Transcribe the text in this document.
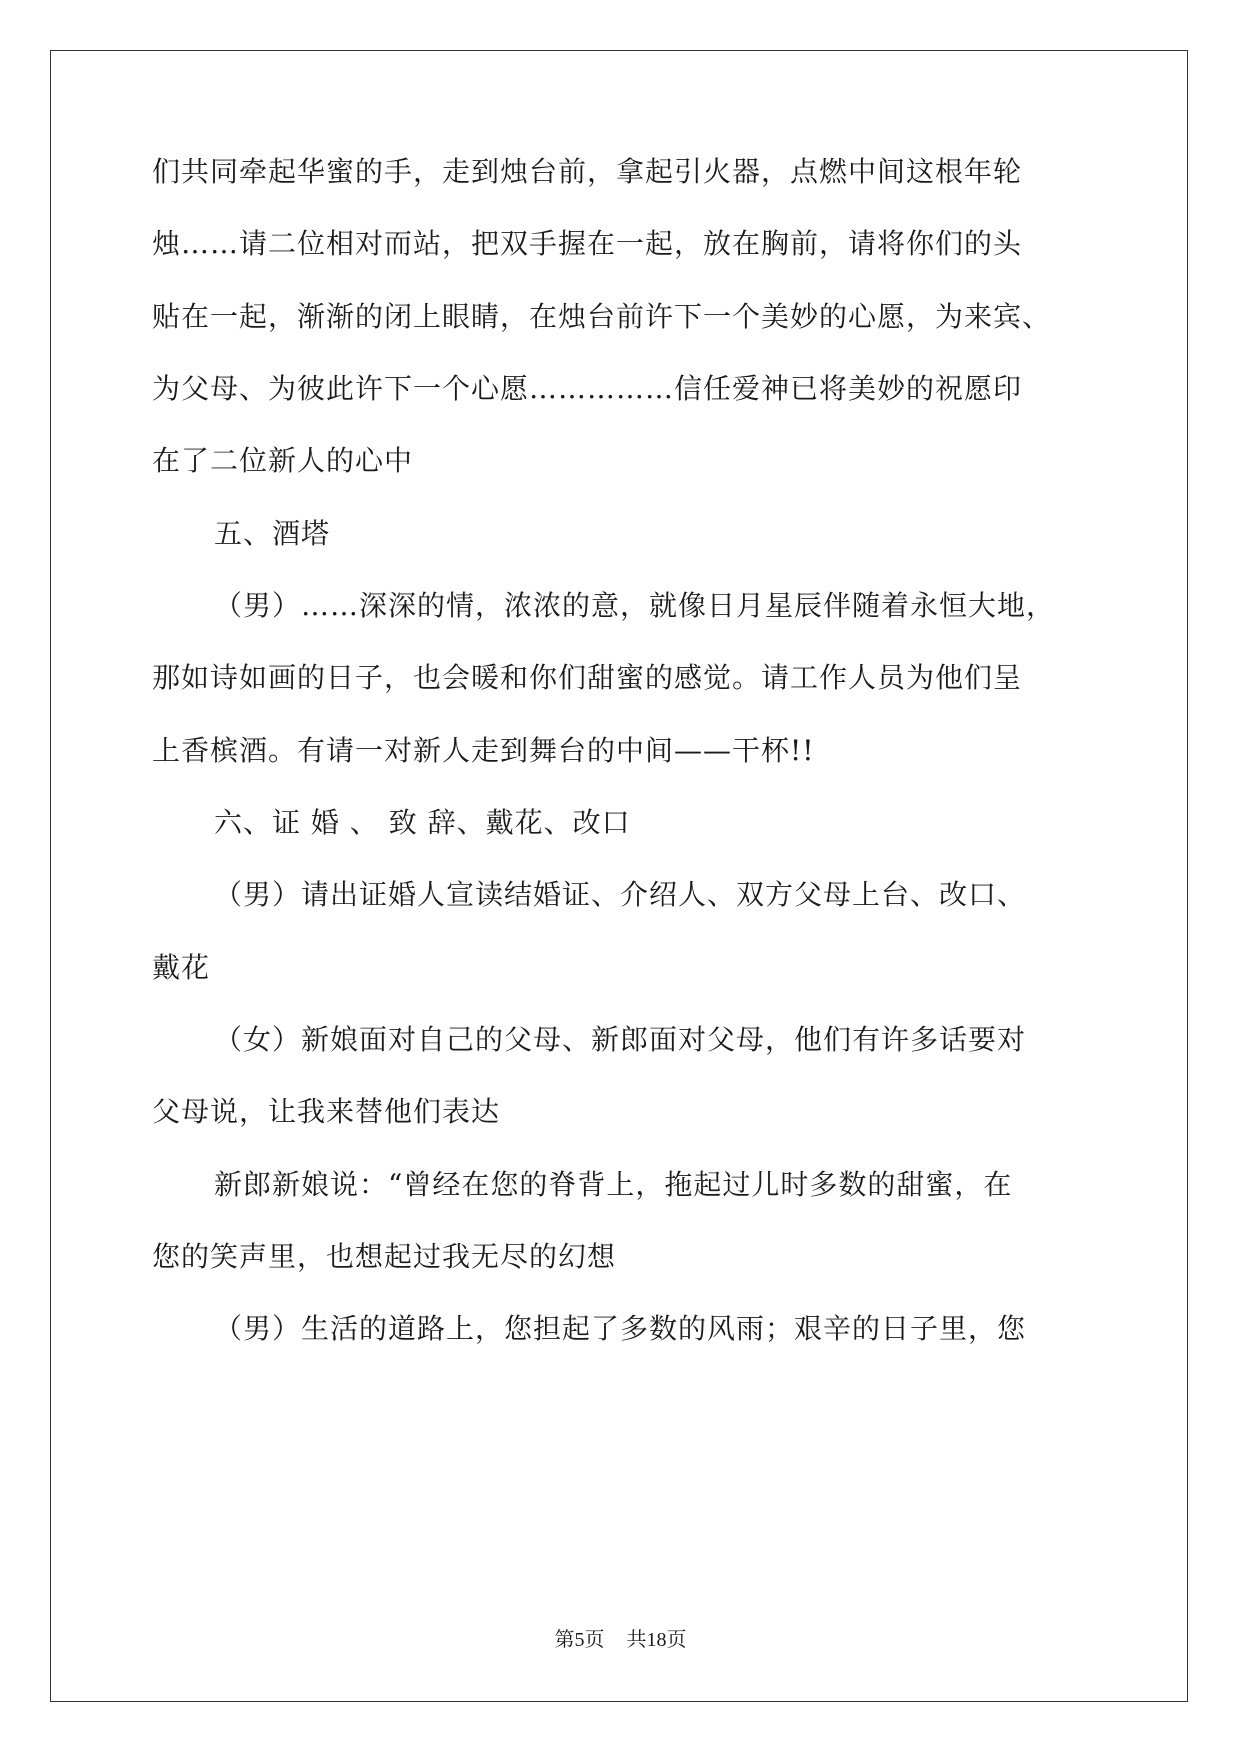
们共同牵起华蜜的手，走到烛台前，拿起引火器，点燃中间这根年轮
烛……请二位相对而站，把双手握在一起，放在胸前，请将你们的头
贴在一起，渐渐的闭上眼睛，在烛台前许下一个美妙的心愿，为来宾、
为父母、为彼此许下一个心愿……………信任爱神已将美妙的祝愿印
在了二位新人的心中
五、酒塔
（男）……深深的情，浓浓的意，就像日月星辰伴随着永恒大地，
那如诗如画的日子，也会暖和你们甜蜜的感觉。请工作人员为他们呈
上香槟酒。有请一对新人走到舞台的中间——干杯!!
六、证 婚 、 致 辞、戴花、改口
（男）请出证婚人宣读结婚证、介绍人、双方父母上台、改口、
戴花
（女）新娘面对自己的父母、新郎面对父母，他们有许多话要对
父母说，让我来替他们表达
新郎新娘说：“曾经在您的脊背上，拖起过儿时多数的甜蜜，在
您的笑声里，也想起过我无尽的幻想
（男）生活的道路上，您担起了多数的风雨；艰辛的日子里，您
第5页 共18页
